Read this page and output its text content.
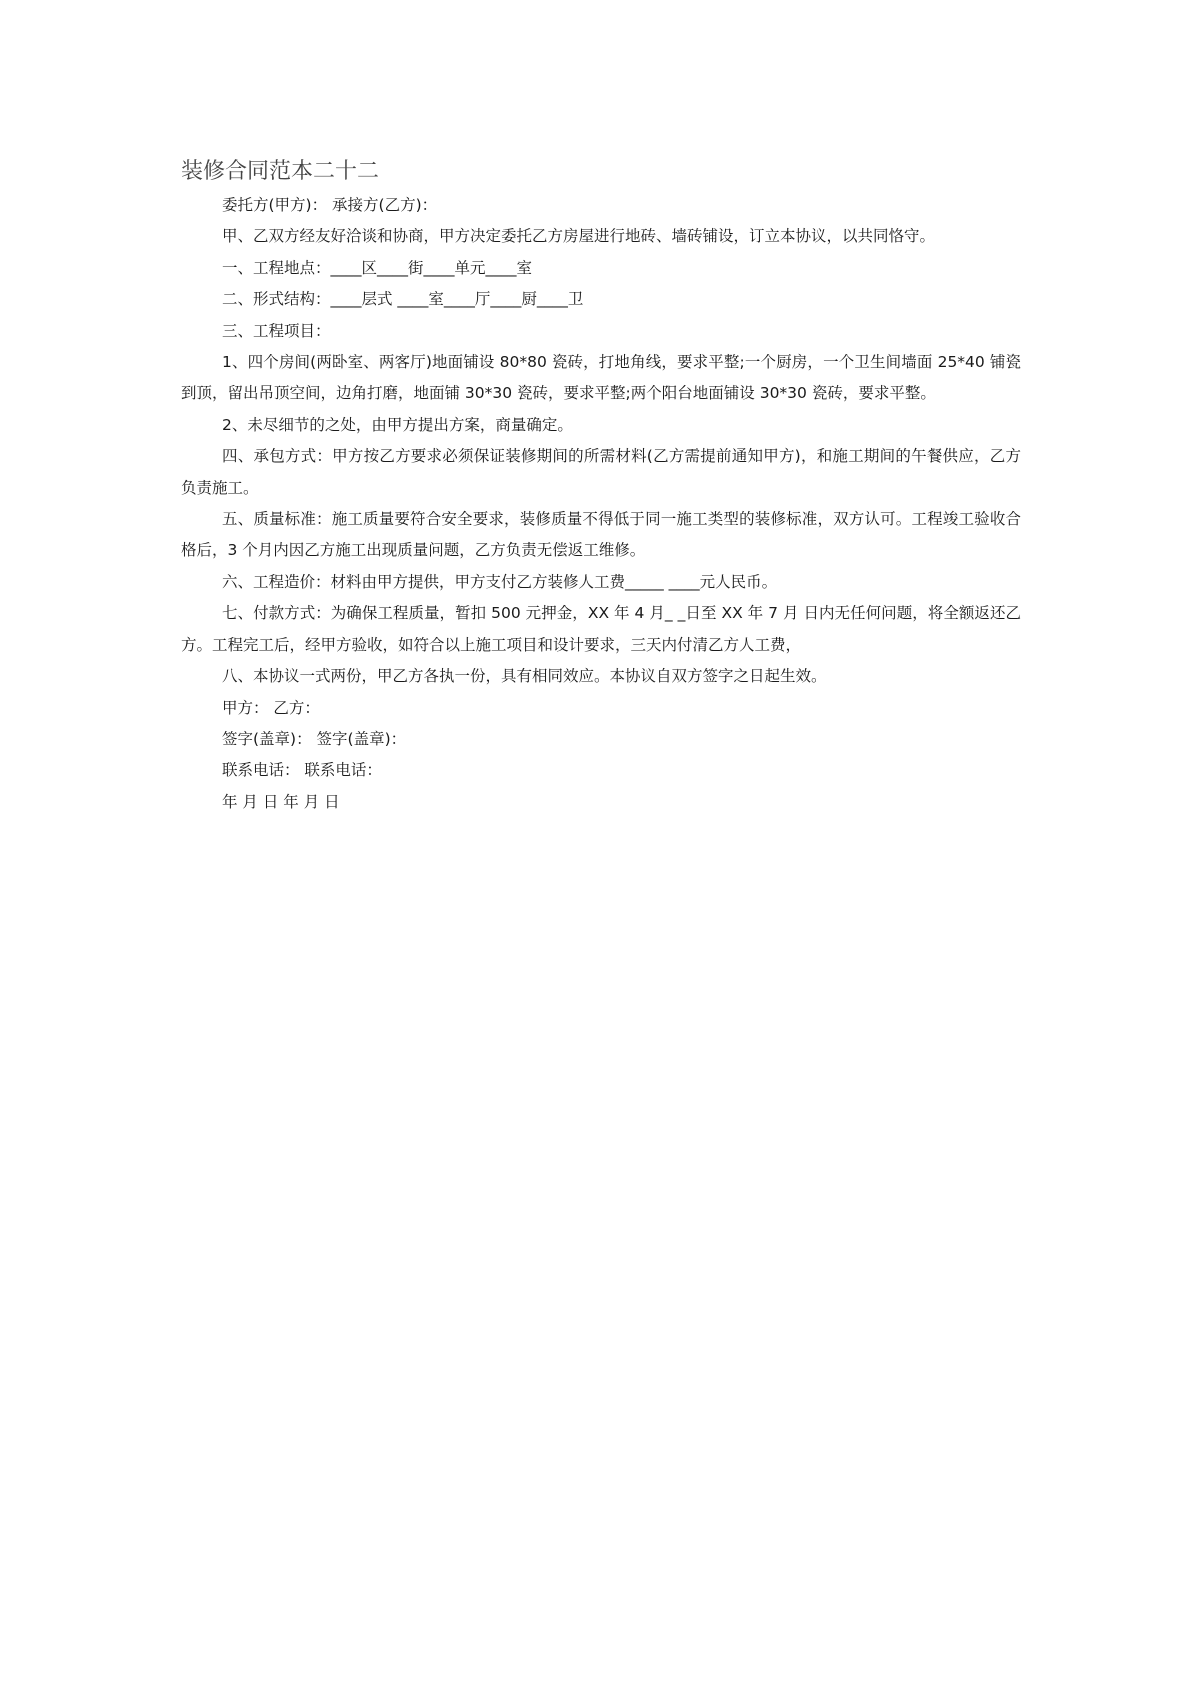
装修合同范本二十二

委托方(甲方)： 承接方(乙方)：

甲、乙双方经友好洽谈和协商，甲方决定委托乙方房屋进行地砖、墙砖铺设，订立本协议，以共同恪守。

一、工程地点：____区____街____单元____室

二、形式结构：____层式 ____室____厅____厨____卫

三、工程项目：

1、四个房间(两卧室、两客厅)地面铺设 80*80 瓷砖，打地角线，要求平整;一个厨房，一个卫生间墙面 25*40 铺瓷到顶，留出吊顶空间，边角打磨，地面铺 30*30 瓷砖，要求平整;两个阳台地面铺设 30*30 瓷砖，要求平整。

2、未尽细节的之处，由甲方提出方案，商量确定。

四、承包方式：甲方按乙方要求必须保证装修期间的所需材料(乙方需提前通知甲方)，和施工期间的午餐供应，乙方负责施工。

五、质量标准：施工质量要符合安全要求，装修质量不得低于同一施工类型的装修标准，双方认可。工程竣工验收合格后，3 个月内因乙方施工出现质量问题，乙方负责无偿返工维修。

六、工程造价：材料由甲方提供，甲方支付乙方装修人工费_____ ____元人民币。

七、付款方式：为确保工程质量，暂扣 500 元押金，XX 年 4 月_ _日至 XX 年 7 月 日内无任何问题，将全额返还乙方。工程完工后，经甲方验收，如符合以上施工项目和设计要求，三天内付清乙方人工费，

八、本协议一式两份，甲乙方各执一份，具有相同效应。本协议自双方签字之日起生效。

甲方： 乙方：

签字(盖章)： 签字(盖章)：

联系电话： 联系电话：

年 月 日 年 月 日
